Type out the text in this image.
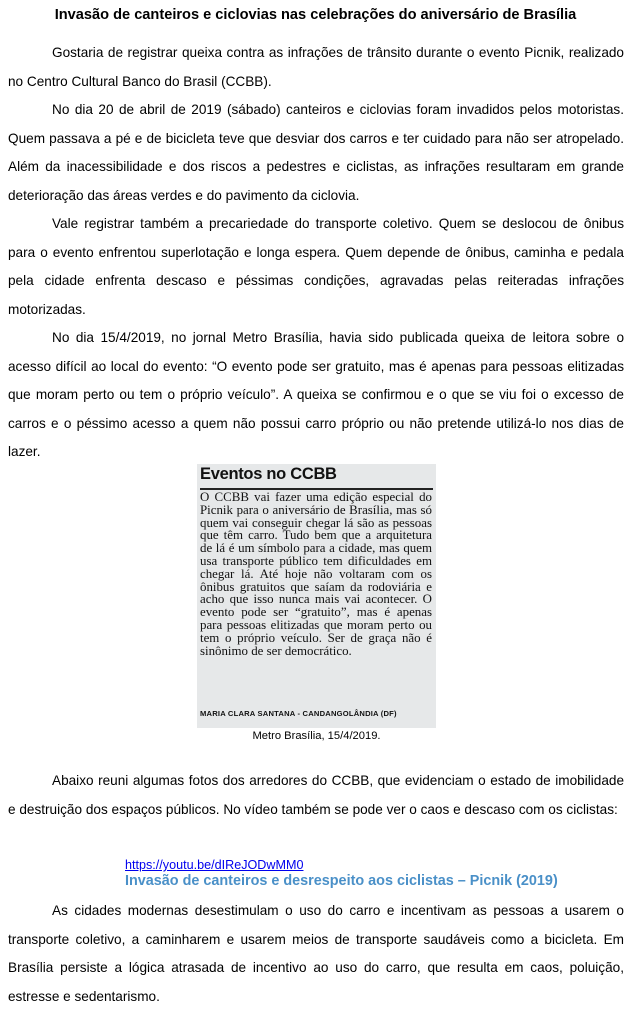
Invasão de canteiros e ciclovias nas celebrações do aniversário de Brasília

Gostaria de registrar queixa contra as infrações de trânsito durante o evento Picnik, realizado no Centro Cultural Banco do Brasil (CCBB).

No dia 20 de abril de 2019 (sábado) canteiros e ciclovias foram invadidos pelos motoristas. Quem passava a pé e de bicicleta teve que desviar dos carros e ter cuidado para não ser atropelado. Além da inacessibilidade e dos riscos a pedestres e ciclistas, as infrações resultaram em grande deterioração das áreas verdes e do pavimento da ciclovia.

Vale registrar também a precariedade do transporte coletivo. Quem se deslocou de ônibus para o evento enfrentou superlotação e longa espera. Quem depende de ônibus, caminha e pedala pela cidade enfrenta descaso e péssimas condições, agravadas pelas reiteradas infrações motorizadas.

No dia 15/4/2019, no jornal Metro Brasília, havia sido publicada queixa de leitora sobre o acesso difícil ao local do evento: “O evento pode ser gratuito, mas é apenas para pessoas elitizadas que moram perto ou tem o próprio veículo”. A queixa se confirmou e o que se viu foi o excesso de carros e o péssimo acesso a quem não possui carro próprio ou não pretende utilizá-lo nos dias de lazer.

Eventos no CCBB

O CCBB vai fazer uma edição especial do Picnik para o aniversário de Brasília, mas só quem vai conseguir chegar lá são as pessoas que têm carro. Tudo bem que a arquitetura de lá é um símbolo para a cidade, mas quem usa transporte público tem dificuldades em chegar lá. Até hoje não voltaram com os ônibus gratuitos que saíam da rodoviária e acho que isso nunca mais vai acontecer. O evento pode ser “gratuito”, mas é apenas para pessoas elitizadas que moram perto ou tem o próprio veículo. Ser de graça não é sinônimo de ser democrático.

MARIA CLARA SANTANA - CANDANGOLÂNDIA (DF)

Metro Brasília, 15/4/2019.

Abaixo reuni algumas fotos dos arredores do CCBB, que evidenciam o estado de imobilidade e destruição dos espaços públicos. No vídeo também se pode ver o caos e descaso com os ciclistas:

https://youtu.be/dIReJODwMM0

Invasão de canteiros e desrespeito aos ciclistas – Picnik (2019)

As cidades modernas desestimulam o uso do carro e incentivam as pessoas a usarem o transporte coletivo, a caminharem e usarem meios de transporte saudáveis como a bicicleta. Em Brasília persiste a lógica atrasada de incentivo ao uso do carro, que resulta em caos, poluição, estresse e sedentarismo.
